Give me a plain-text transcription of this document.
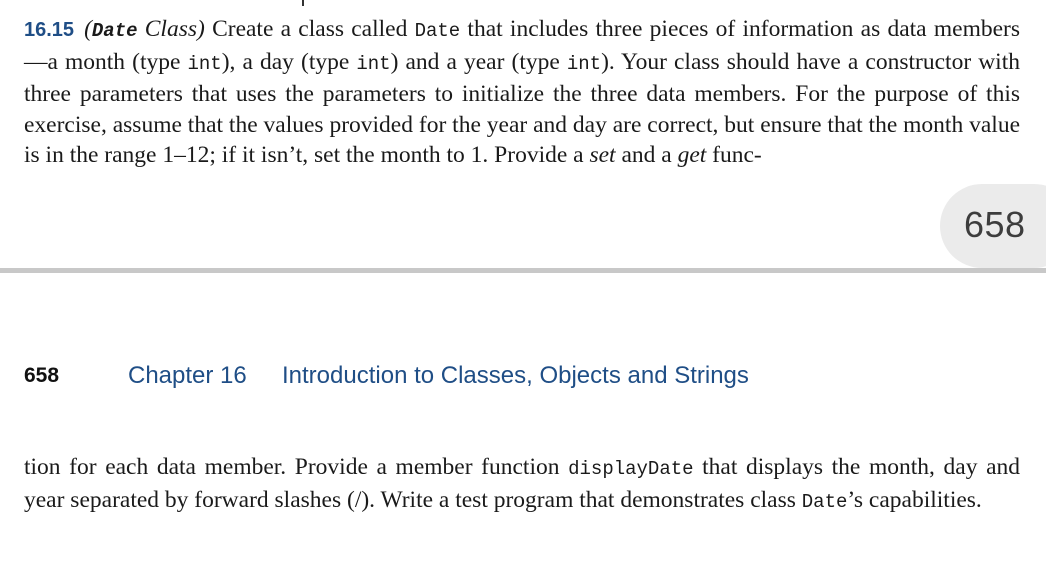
16.15 (Date Class) Create a class called Date that includes three pieces of information as data members—a month (type int), a day (type int) and a year (type int). Your class should have a constructor with three parameters that uses the parameters to initialize the three data members. For the purpose of this exercise, assume that the values provided for the year and day are correct, but ensure that the month value is in the range 1–12; if it isn’t, set the month to 1. Provide a set and a get func-
658
658	Chapter 16 Introduction to Classes, Objects and Strings
tion for each data member. Provide a member function displayDate that displays the month, day and year separated by forward slashes (/). Write a test program that demonstrates class Date’s capabilities.
